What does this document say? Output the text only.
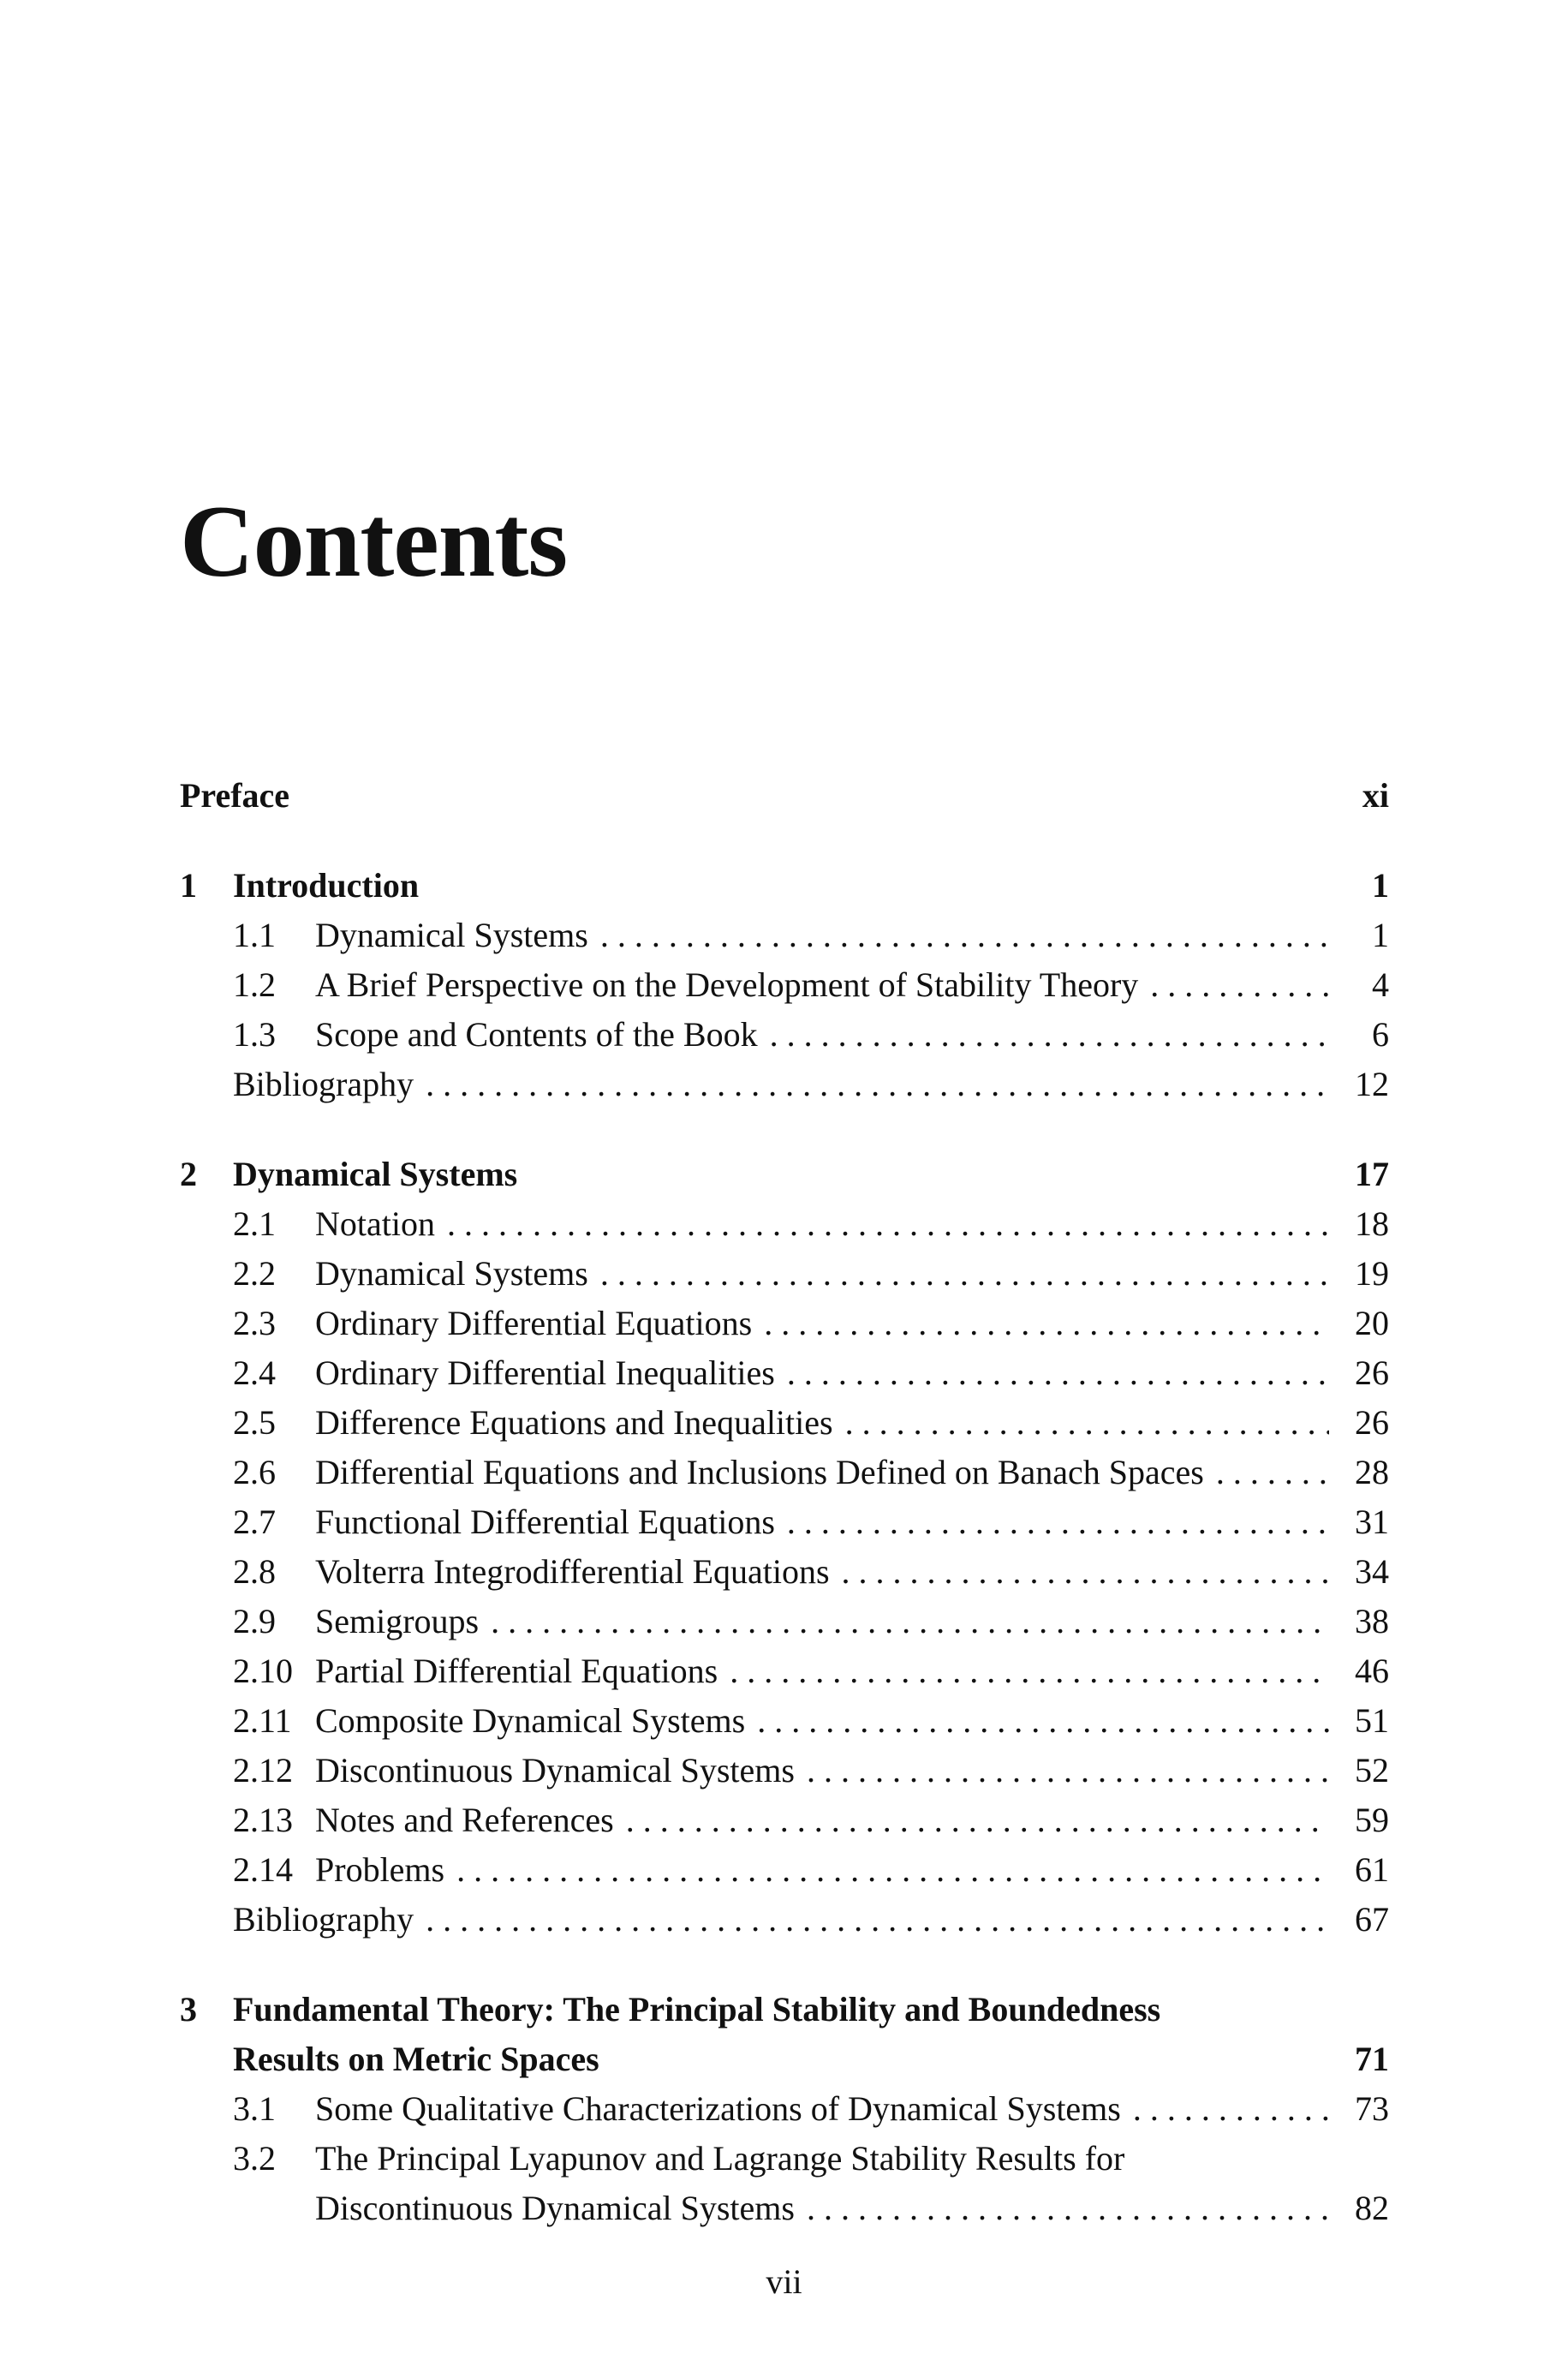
Contents
Preface	xi
1	Introduction	1
1.1	Dynamical Systems . . .	1
1.2	A Brief Perspective on the Development of Stability Theory . . .	4
1.3	Scope and Contents of the Book . . .	6
Bibliography . . .	12
2	Dynamical Systems	17
2.1	Notation . . .	18
2.2	Dynamical Systems . . .	19
2.3	Ordinary Differential Equations . . .	20
2.4	Ordinary Differential Inequalities . . .	26
2.5	Difference Equations and Inequalities . . .	26
2.6	Differential Equations and Inclusions Defined on Banach Spaces . . .	28
2.7	Functional Differential Equations . . .	31
2.8	Volterra Integrodifferential Equations . . .	34
2.9	Semigroups . . .	38
2.10 Partial Differential Equations . . .	46
2.11 Composite Dynamical Systems . . .	51
2.12 Discontinuous Dynamical Systems . . .	52
2.13 Notes and References . . .	59
2.14 Problems . . .	61
Bibliography . . .	67
3	Fundamental Theory: The Principal Stability and Boundedness
Results on Metric Spaces	71
3.1	Some Qualitative Characterizations of Dynamical Systems . . .	73
3.2	The Principal Lyapunov and Lagrange Stability Results for
Discontinuous Dynamical Systems . . .	82
vii
